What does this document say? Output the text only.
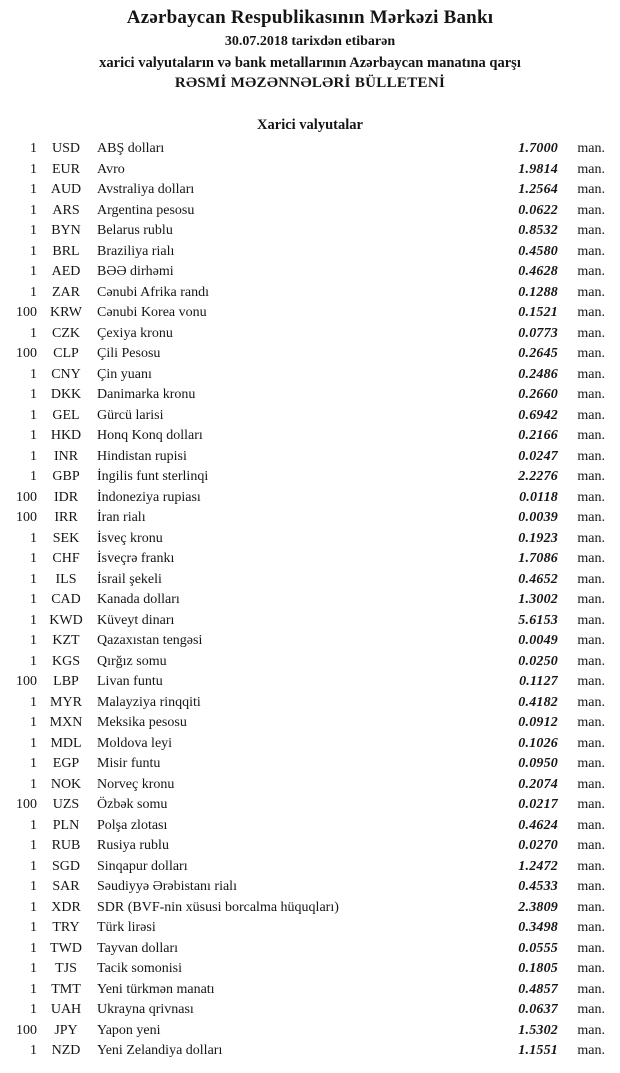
Azərbaycan Respublikasının Mərkəzi Bankı
30.07.2018 tarixdən etibarən
xarici valyutaların və bank metallarının Azərbaycan manatına qarşı
RƏSMİ MƏZƏNNƏLƏRİ BÜLLETENİ
Xarici valyutalar
1	USD	ABŞ dolları	1.7000	man.
1	EUR	Avro	1.9814	man.
1 AUD	Avstraliya dolları	1.2564	man.
1	ARS	Argentina pesosu	0.0622	man.
1	BYN	Belarus rublu	0.8532	man.
1	BRL	Braziliya rialı	0.4580	man.
1	AED	BƏƏ dirhəmi	0.4628	man.
1	ZAR	Cənubi Afrika randı	0.1288	man.
100 KRW	Cənubi Korea vonu	0.1521	man.
1	CZK	Çexiya kronu	0.0773	man.
100	CLP	Çili Pesosu	0.2645	man.
1	CNY	Çin yuanı	0.2486	man.
1 DKK	Danimarka kronu	0.2660	man.
1	GEL	Gürcü larisi	0.6942	man.
1 HKD	Honq Konq dolları	0.2166	man.
1	INR	Hindistan rupisi	0.0247	man.
1	GBP	İngilis funt sterlinqi	2.2276	man.
100	IDR	İndoneziya rupiası	0.0118	man.
100	IRR	İran rialı	0.0039	man.
1	SEK	İsveç kronu	0.1923	man.
1	CHF	İsveçrə frankı	1.7086	man.
1	ILS	İsrail şekeli	0.4652	man.
1	CAD	Kanada dolları	1.3002	man.
1 KWD	Küveyt dinarı	5.6153	man.
1	KZT	Qazaxıstan tengəsi	0.0049	man.
1	KGS	Qırğız somu	0.0250	man.
100	LBP	Livan funtu	0.1127	man.
1 MYR	Malayziya rinqqiti	0.4182	man.
1 MXN	Meksika pesosu	0.0912	man.
1 MDL	Moldova leyi	0.1026	man.
1	EGP	Misir funtu	0.0950	man.
1 NOK	Norveç kronu	0.2074	man.
100	UZS	Özbək somu	0.0217	man.
1	PLN	Polşa zlotası	0.4624	man.
1	RUB	Rusiya rublu	0.0270	man.
1	SGD	Sinqapur dolları	1.2472	man.
1	SAR	Səudiyyə Ərəbistanı rialı	0.4533	man.
1	XDR	SDR (BVF-nin xüsusi borcalma hüquqları)	2.3809	man.
1	TRY	Türk lirəsi	0.3498	man.
1 TWD	Tayvan dolları	0.0555	man.
1	TJS	Tacik somonisi	0.1805	man.
1	TMT	Yeni türkmən manatı	0.4857	man.
1 UAH	Ukrayna qrivnası	0.0637	man.
100	JPY	Yapon yeni	1.5302	man.
1	NZD	Yeni Zelandiya dolları	1.1551	man.
